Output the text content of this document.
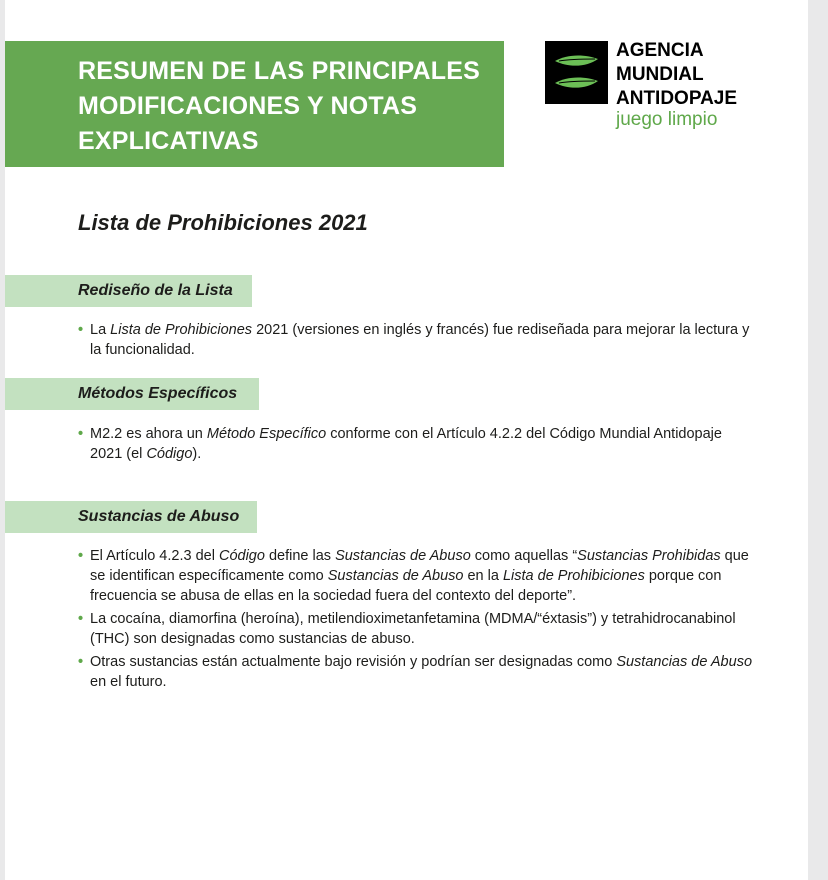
RESUMEN DE LAS PRINCIPALES
MODIFICACIONES Y NOTAS
EXPLICATIVAS
AGENCIA
MUNDIAL
ANTIDOPAJE
juego limpio
Lista de Prohibiciones 2021
Rediseño de la Lista
• La Lista de Prohibiciones 2021 (versiones en inglés y francés) fue rediseñada para mejorar la lectura y la funcionalidad.
Métodos Específicos
• M2.2 es ahora un Método Específico conforme con el Artículo 4.2.2 del Código Mundial Antidopaje 2021 (el Código).
Sustancias de Abuso
• El Artículo 4.2.3 del Código define las Sustancias de Abuso como aquellas “Sustancias Prohibidas que se identifican específicamente como Sustancias de Abuso en la Lista de Prohibiciones porque con frecuencia se abusa de ellas en la sociedad fuera del contexto del deporte”.
• La cocaína, diamorfina (heroína), metilendioximetanfetamina (MDMA/“éxtasis”) y tetrahidrocanabinol (THC) son designadas como sustancias de abuso.
• Otras sustancias están actualmente bajo revisión y podrían ser designadas como Sustancias de Abuso en el futuro.
